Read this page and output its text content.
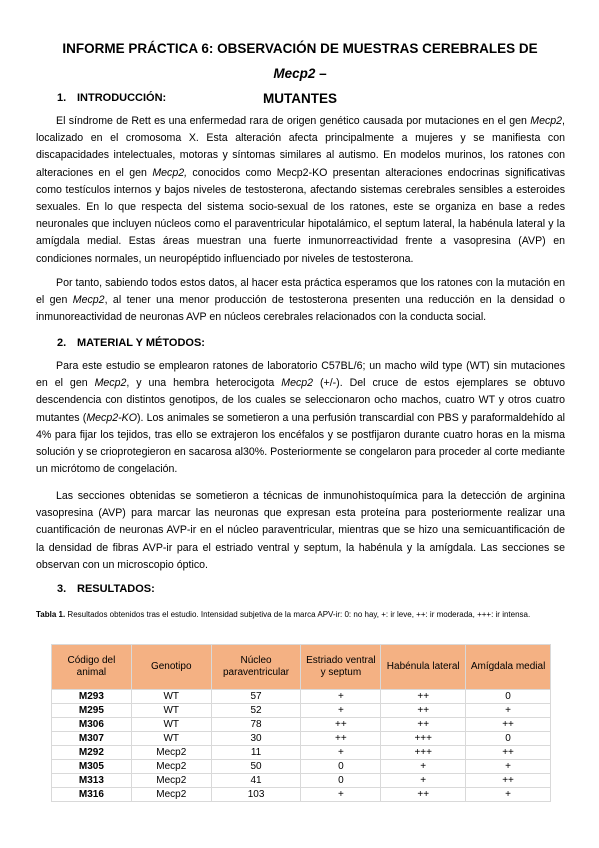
INFORME PRÁCTICA 6: OBSERVACIÓN DE MUESTRAS CEREBRALES DE Mecp2 –
MUTANTES
1. INTRODUCCIÓN:
El síndrome de Rett es una enfermedad rara de origen genético causada por mutaciones en el gen Mecp2, localizado en el cromosoma X. Esta alteración afecta principalmente a mujeres y se manifiesta con discapacidades intelectuales, motoras y síntomas similares al autismo. En modelos murinos, los ratones con alteraciones en el gen Mecp2, conocidos como Mecp2-KO presentan alteraciones endocrinas significativas como testículos internos y bajos niveles de testosterona, afectando sistemas cerebrales sensibles a esteroides sexuales. En lo que respecta del sistema socio-sexual de los ratones, este se organiza en base a redes neuronales que incluyen núcleos como el paraventricular hipotalámico, el septum lateral, la habénula lateral y la amígdala medial. Estas áreas muestran una fuerte inmunorreactividad frente a vasopresina (AVP) en condiciones normales, un neuropéptido influenciado por niveles de testosterona.
Por tanto, sabiendo todos estos datos, al hacer esta práctica esperamos que los ratones con la mutación en el gen Mecp2, al tener una menor producción de testosterona presenten una reducción en la densidad o inmunoreactividad de neuronas AVP en núcleos cerebrales relacionados con la conducta social.
2. MATERIAL Y MÉTODOS:
Para este estudio se emplearon ratones de laboratorio C57BL/6; un macho wild type (WT) sin mutaciones en el gen Mecp2, y una hembra heterocigota Mecp2 (+/-). Del cruce de estos ejemplares se obtuvo descendencia con distintos genotipos, de los cuales se seleccionaron ocho machos, cuatro WT y otros cuatro mutantes (Mecp2-KO). Los animales se sometieron a una perfusión transcardial con PBS y paraformaldehído al 4% para fijar los tejidos, tras ello se extrajeron los encéfalos y se postfijaron durante cuatro horas en la misma solución y se crioprotegieron en sacarosa al30%. Posteriormente se congelaron para proceder al corte mediante un micrótomo de congelación.
Las secciones obtenidas se sometieron a técnicas de inmunohistoquímica para la detección de arginina vasopresina (AVP) para marcar las neuronas que expresan esta proteína para posteriormente realizar una cuantificación de neuronas AVP-ir en el núcleo paraventricular, mientras que se hizo una semicuantificación de la densidad de fibras AVP-ir para el estriado ventral y septum, la habénula y la amígdala. Las secciones se observan con un microscopio óptico.
3. RESULTADOS:
Tabla 1. Resultados obtenidos tras el estudio. Intensidad subjetiva de la marca APV-ir: 0: no hay, +: ir leve, ++: ir moderada, +++: ir intensa.
Código del animal	Genotipo	Núcleo paraventricular	Estriado ventral y septum	Habénula lateral	Amígdala medial
M293	WT	57	+	++	0
M295	WT	52	+	++	+
M306	WT	78	++	++	++
M307	WT	30	++	+++	0
M292	Mecp2	11	+	+++	++
M305	Mecp2	50	0	+	+
M313	Mecp2	41	0	+	++
M316	Mecp2	103	+	++	+
